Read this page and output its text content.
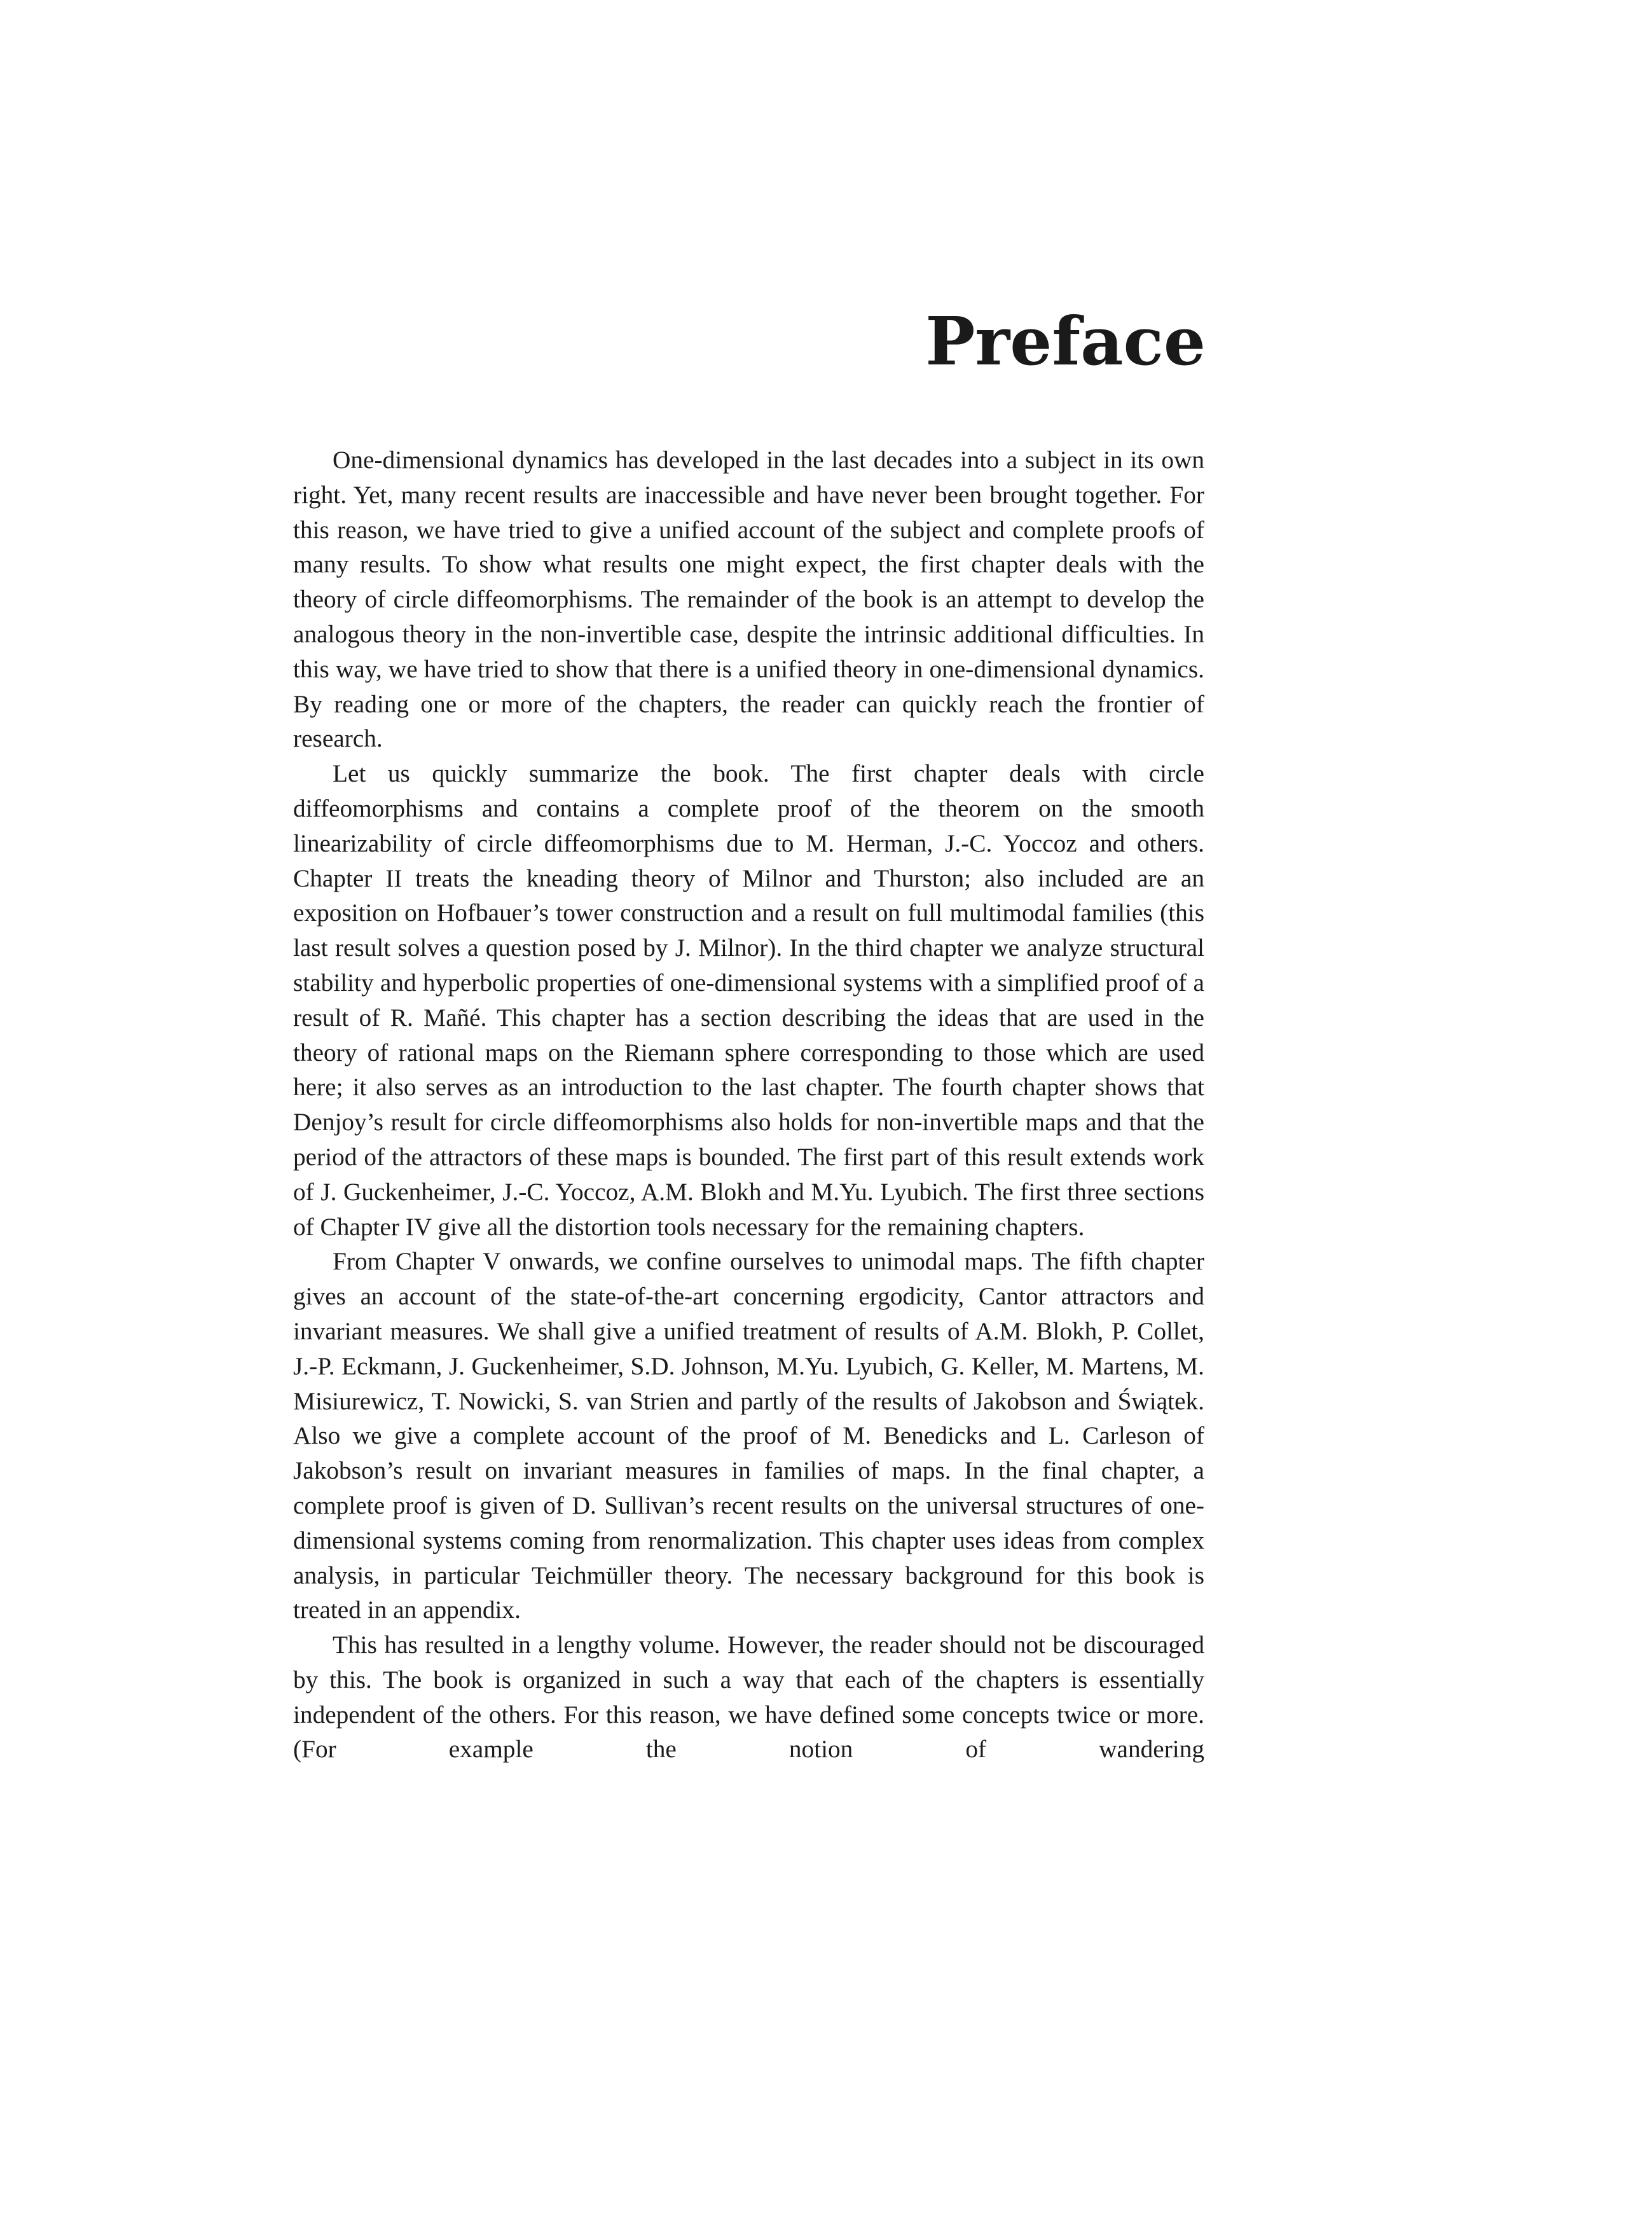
Preface

One-dimensional dynamics has developed in the last decades into a subject in its own right. Yet, many recent results are inaccessible and have never been brought together. For this reason, we have tried to give a unified account of the subject and complete proofs of many results. To show what results one might expect, the first chapter deals with the theory of circle diffeomorphisms. The remainder of the book is an attempt to develop the analogous theory in the non-invertible case, despite the intrinsic additional difficulties. In this way, we have tried to show that there is a unified theory in one-dimensional dynamics. By reading one or more of the chapters, the reader can quickly reach the frontier of research.

Let us quickly summarize the book. The first chapter deals with circle diffeomorphisms and contains a complete proof of the theorem on the smooth linearizability of circle diffeomorphisms due to M. Herman, J.-C. Yoccoz and others. Chapter II treats the kneading theory of Milnor and Thurston; also included are an exposition on Hofbauer’s tower construction and a result on full multimodal families (this last result solves a question posed by J. Milnor). In the third chapter we analyze structural stability and hyperbolic properties of one-dimensional systems with a simplified proof of a result of R. Mañé. This chapter has a section describing the ideas that are used in the theory of rational maps on the Riemann sphere corresponding to those which are used here; it also serves as an introduction to the last chapter. The fourth chapter shows that Denjoy’s result for circle diffeomorphisms also holds for non-invertible maps and that the period of the attractors of these maps is bounded. The first part of this result extends work of J. Guckenheimer, J.-C. Yoccoz, A.M. Blokh and M.Yu. Lyubich. The first three sections of Chapter IV give all the distortion tools necessary for the remaining chapters.

From Chapter V onwards, we confine ourselves to unimodal maps. The fifth chapter gives an account of the state-of-the-art concerning ergodicity, Cantor attractors and invariant measures. We shall give a unified treatment of results of A.M. Blokh, P. Collet, J.-P. Eckmann, J. Guckenheimer, S.D. Johnson, M.Yu. Lyubich, G. Keller, M. Martens, M. Misiurewicz, T. Nowicki, S. van Strien and partly of the results of Jakobson and Świątek. Also we give a complete account of the proof of M. Benedicks and L. Carleson of Jakobson’s result on invariant measures in families of maps. In the final chapter, a complete proof is given of D. Sullivan’s recent results on the universal structures of one-dimensional systems coming from renormalization. This chapter uses ideas from complex analysis, in particular Teichmüller theory. The necessary background for this book is treated in an appendix.

This has resulted in a lengthy volume. However, the reader should not be discouraged by this. The book is organized in such a way that each of the chapters is essentially independent of the others. For this reason, we have defined some concepts twice or more. (For example the notion of wandering
